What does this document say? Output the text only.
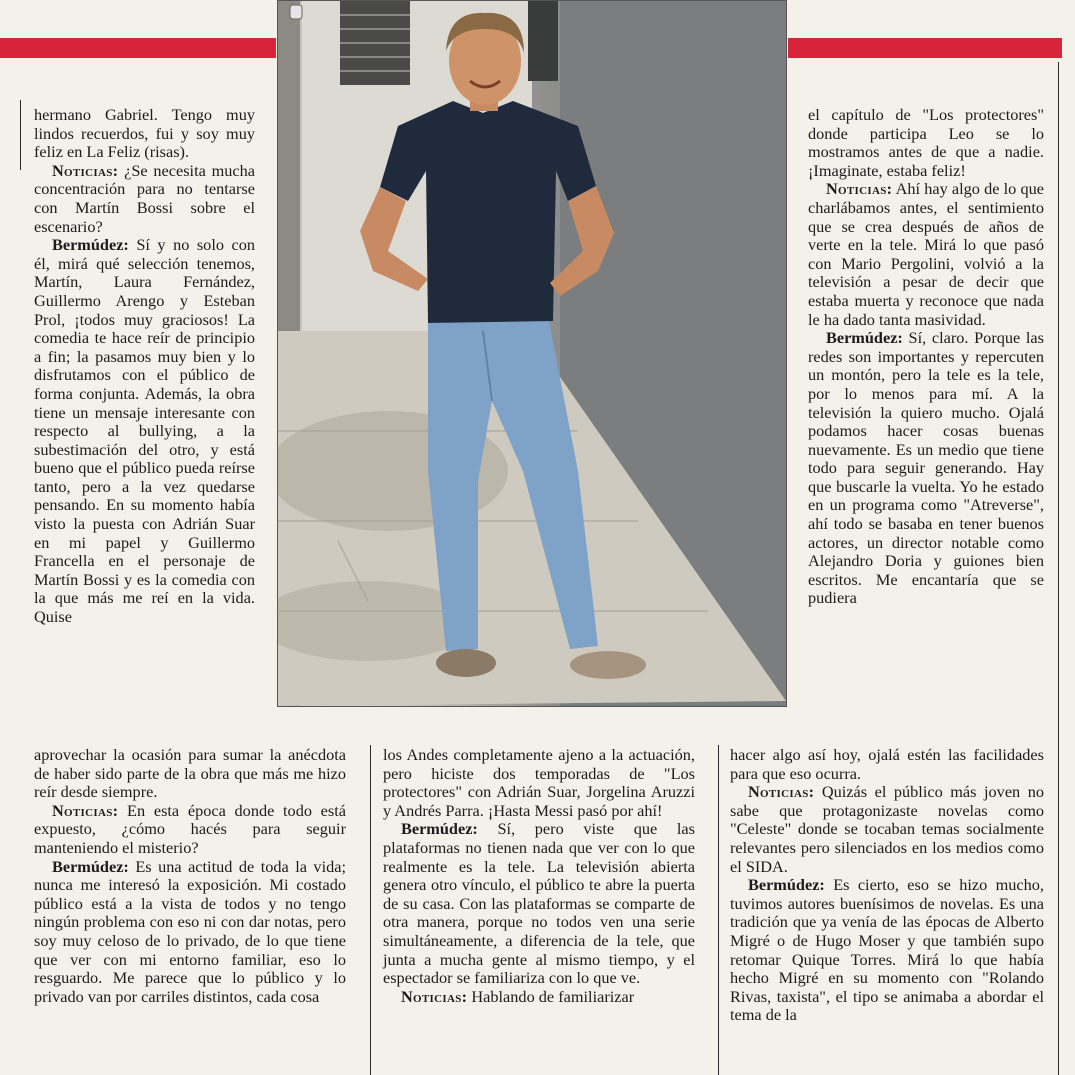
hermano Gabriel. Tengo muy lindos recuerdos, fui y soy muy feliz en La Feliz (risas).

Noticias: ¿Se necesita mucha concentración para no tentarse con Martín Bossi sobre el escenario?

Bermúdez: Sí y no solo con él, mirá qué selección tenemos, Martín, Laura Fernández, Guillermo Arengo y Esteban Prol, ¡todos muy graciosos! La comedia te hace reír de principio a fin; la pasamos muy bien y lo disfrutamos con el público de forma conjunta. Además, la obra tiene un mensaje interesante con respecto al bullying, a la subestimación del otro, y está bueno que el público pueda reírse tanto, pero a la vez quedarse pensando. En su momento había visto la puesta con Adrián Suar en mi papel y Guillermo Francella en el personaje de Martín Bossi y es la comedia con la que más me reí en la vida. Quise

aprovechar la ocasión para sumar la anécdota de haber sido parte de la obra que más me hizo reír desde siempre.

Noticias: En esta época donde todo está expuesto, ¿cómo hacés para seguir manteniendo el misterio?

Bermúdez: Es una actitud de toda la vida; nunca me interesó la exposición. Mi costado público está a la vista de todos y no tengo ningún problema con eso ni con dar notas, pero soy muy celoso de lo privado, de lo que tiene que ver con mi entorno familiar, eso lo resguardo. Me parece que lo público y lo privado van por carriles distintos, cada cosa

los Andes completamente ajeno a la actuación, pero hiciste dos temporadas de "Los protectores" con Adrián Suar, Jorgelina Aruzzi y Andrés Parra. ¡Hasta Messi pasó por ahí!

Bermúdez: Sí, pero viste que las plataformas no tienen nada que ver con lo que realmente es la tele. La televisión abierta genera otro vínculo, el público te abre la puerta de su casa. Con las plataformas se comparte de otra manera, porque no todos ven una serie simultáneamente, a diferencia de la tele, que junta a mucha gente al mismo tiempo, y el espectador se familiariza con lo que ve.

Noticias: Hablando de familiarizar

el capítulo de "Los protectores" donde participa Leo se lo mostramos antes de que a nadie. ¡Imaginate, estaba feliz!

Noticias: Ahí hay algo de lo que charlábamos antes, el sentimiento que se crea después de años de verte en la tele. Mirá lo que pasó con Mario Pergolini, volvió a la televisión a pesar de decir que estaba muerta y reconoce que nada le ha dado tanta masividad.

Bermúdez: Sí, claro. Porque las redes son importantes y repercuten un montón, pero la tele es la tele, por lo menos para mí. A la televisión la quiero mucho. Ojalá podamos hacer cosas buenas nuevamente. Es un medio que tiene todo para seguir generando. Hay que buscarle la vuelta. Yo he estado en un programa como "Atreverse", ahí todo se basaba en tener buenos actores, un director notable como Alejandro Doria y guiones bien escritos. Me encantaría que se pudiera

hacer algo así hoy, ojalá estén las facilidades para que eso ocurra.

Noticias: Quizás el público más joven no sabe que protagonizaste novelas como "Celeste" donde se tocaban temas socialmente relevantes pero silenciados en los medios como el SIDA.

Bermúdez: Es cierto, eso se hizo mucho, tuvimos autores buenísimos de novelas. Es una tradición que ya venía de las épocas de Alberto Migré o de Hugo Moser y que también supo retomar Quique Torres. Mirá lo que había hecho Migré en su momento con "Rolando Rivas, taxista", el tipo se animaba a abordar el tema de la
